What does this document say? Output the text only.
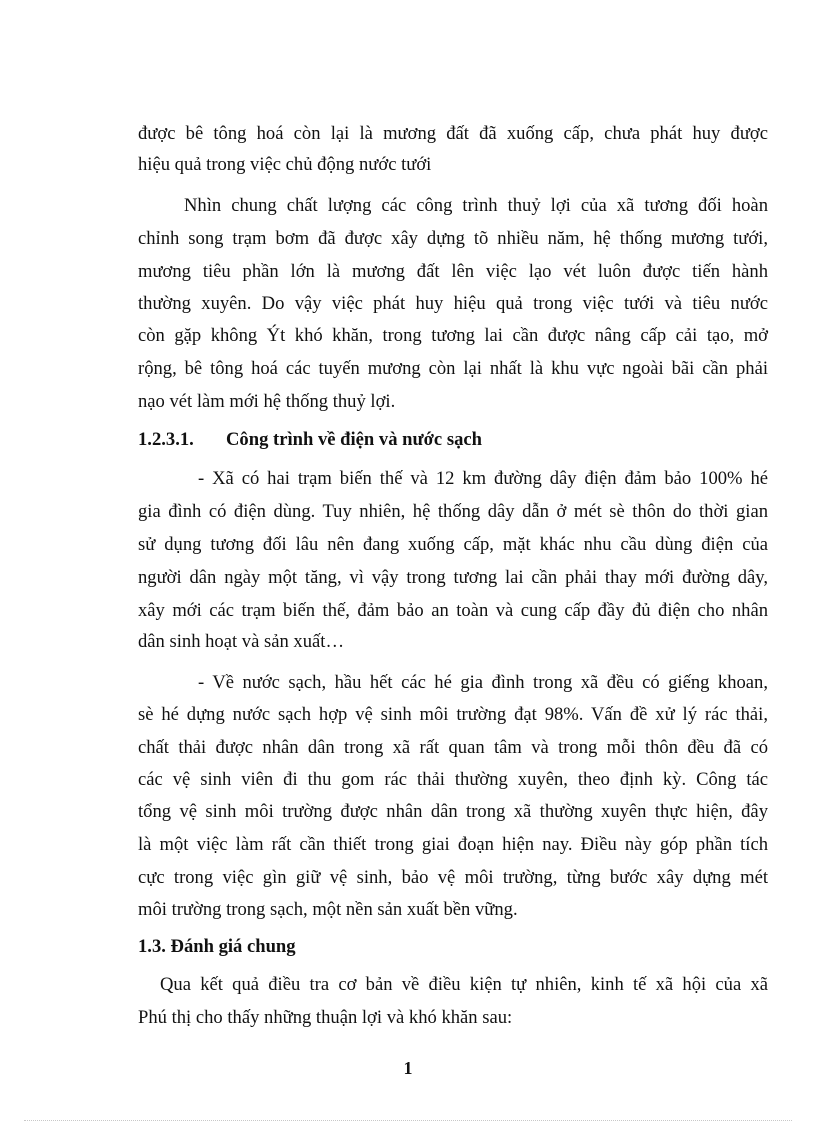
được bê tông hoá còn lại là mương đất đã xuống cấp, chưa phát huy được
hiệu quả trong việc chủ động nước tưới
Nhìn chung chất lượng các công trình thuỷ lợi của xã tương đối hoàn
chỉnh song trạm bơm đã được xây dựng tõ nhiều năm, hệ thống mương tưới,
mương tiêu phần lớn là mương đất lên việc lạo vét luôn được tiến hành
thường xuyên. Do vậy việc phát huy hiệu quả trong việc tưới và tiêu nước
còn gặp không Ýt khó khăn, trong tương lai cần được nâng cấp cải tạo, mở
rộng, bê tông hoá các tuyến mương còn lại nhất là khu vực ngoài bãi cần phải
nạo vét làm mới hệ thống thuỷ lợi.
1.2.3.1. Công trình về điện và nước sạch
- Xã có hai trạm biến thế và 12 km đường dây điện đảm bảo 100% hé
gia đình có điện dùng. Tuy nhiên, hệ thống dây dẫn ở mét sè thôn do thời gian
sử dụng tương đối lâu nên đang xuống cấp, mặt khác nhu cầu dùng điện của
người dân ngày một tăng, vì vậy trong tương lai cần phải thay mới đường dây,
xây mới các trạm biến thế, đảm bảo an toàn và cung cấp đầy đủ điện cho nhân
dân sinh hoạt và sản xuất…
- Về nước sạch, hầu hết các hé gia đình trong xã đều có giếng khoan,
sè hé dựng nước sạch hợp vệ sinh môi trường đạt 98%. Vấn đề xử lý rác thải,
chất thải được nhân dân trong xã rất quan tâm và trong mỗi thôn đều đã có
các vệ sinh viên đi thu gom rác thải thường xuyên, theo định kỳ. Công tác
tổng vệ sinh môi trường được nhân dân trong xã thường xuyên thực hiện, đây
là một việc làm rất cần thiết trong giai đoạn hiện nay. Điều này góp phần tích
cực trong việc gìn giữ vệ sinh, bảo vệ môi trường, từng bước xây dựng mét
môi trường trong sạch, một nền sản xuất bền vững.
1.3. Đánh giá chung
Qua kết quả điều tra cơ bản về điều kiện tự nhiên, kinh tế xã hội của xã
Phú thị cho thấy những thuận lợi và khó khăn sau:
1
